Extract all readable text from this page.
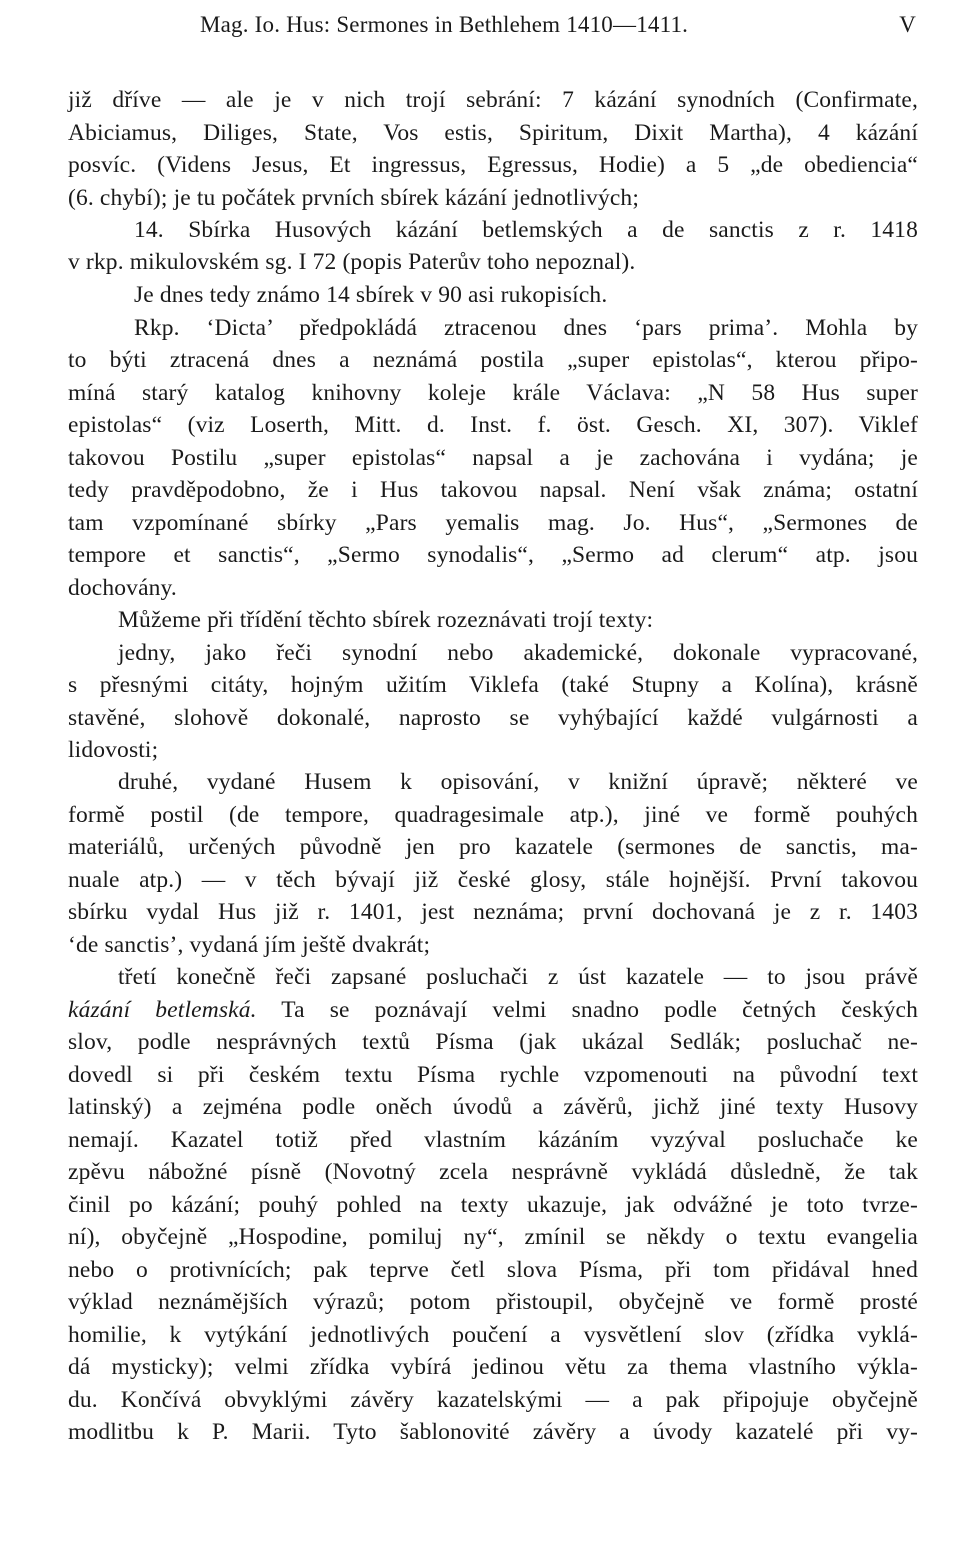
Mag. Io. Hus: Sermones in Bethlehem 1410—1411.	V
již dříve — ale je v nich trojí sebrání: 7 kázání synodních (Confirmate,
Abiciamus, Diliges, State, Vos estis, Spiritum, Dixit Martha), 4 kázání
posvíc. (Videns Jesus, Et ingressus, Egressus, Hodie) a 5 „de obediencia“
(6. chybí); je tu počátek prvních sbírek kázání jednotlivých;
14. Sbírka Husových kázání betlemských a de sanctis z r. 1418
v rkp. mikulovském sg. I 72 (popis Paterův toho nepoznal).
Je dnes tedy známo 14 sbírek v 90 asi rukopisích.
Rkp. ‘Dicta’ předpokládá ztracenou dnes ‘pars prima’. Mohla by
to býti ztracená dnes a neznámá postila „super epistolas“, kterou připo-
míná starý katalog knihovny koleje krále Václava: „N 58 Hus super
epistolas“ (viz Loserth, Mitt. d. Inst. f. öst. Gesch. XI, 307). Viklef
takovou Postilu „super epistolas“ napsal a je zachována i vydána; je
tedy pravděpodobno, že i Hus takovou napsal. Není však známa; ostatní
tam vzpomínané sbírky „Pars yemalis mag. Jo. Hus“, „Sermones de
tempore et sanctis“, „Sermo synodalis“, „Sermo ad clerum“ atp. jsou
dochovány.
Můžeme při třídění těchto sbírek rozeznávati trojí texty:
jedny, jako řeči synodní nebo akademické, dokonale vypracované,
s přesnými citáty, hojným užitím Viklefa (také Stupny a Kolína), krásně
stavěné, slohově dokonalé, naprosto se vyhýbající každé vulgárnosti a
lidovosti;
druhé, vydané Husem k opisování, v knižní úpravě; některé ve
formě postil (de tempore, quadragesimale atp.), jiné ve formě pouhých
materiálů, určených původně jen pro kazatele (sermones de sanctis, ma-
nuale atp.) — v těch bývají již české glosy, stále hojnější. První takovou
sbírku vydal Hus již r. 1401, jest neznáma; první dochovaná je z r. 1403
‘de sanctis’, vydaná jím ještě dvakrát;
třetí konečně řeči zapsané posluchači z úst kazatele — to jsou právě
kázání betlemská. Ta se poznávají velmi snadno podle četných českých
slov, podle nesprávných textů Písma (jak ukázal Sedlák; posluchač ne-
dovedl si při českém textu Písma rychle vzpomenouti na původní text
latinský) a zejména podle oněch úvodů a závěrů, jichž jiné texty Husovy
nemají. Kazatel totiž před vlastním kázáním vyzýval posluchače ke
zpěvu nábožné písně (Novotný zcela nesprávně vykládá důsledně, že tak
činil po kázání; pouhý pohled na texty ukazuje, jak odvážné je toto tvrze-
ní), obyčejně „Hospodine, pomiluj ny“, zmínil se někdy o textu evangelia
nebo o protivnících; pak teprve četl slova Písma, při tom přidával hned
výklad neznámějších výrazů; potom přistoupil, obyčejně ve formě prosté
homilie, k vytýkání jednotlivých poučení a vysvětlení slov (zřídka vyklá-
dá mysticky); velmi zřídka vybírá jedinou větu za thema vlastního výkla-
du. Končívá obvyklými závěry kazatelskými — a pak připojuje obyčejně
modlitbu k P. Marii. Tyto šablonovité závěry a úvody kazatelé při vy-
